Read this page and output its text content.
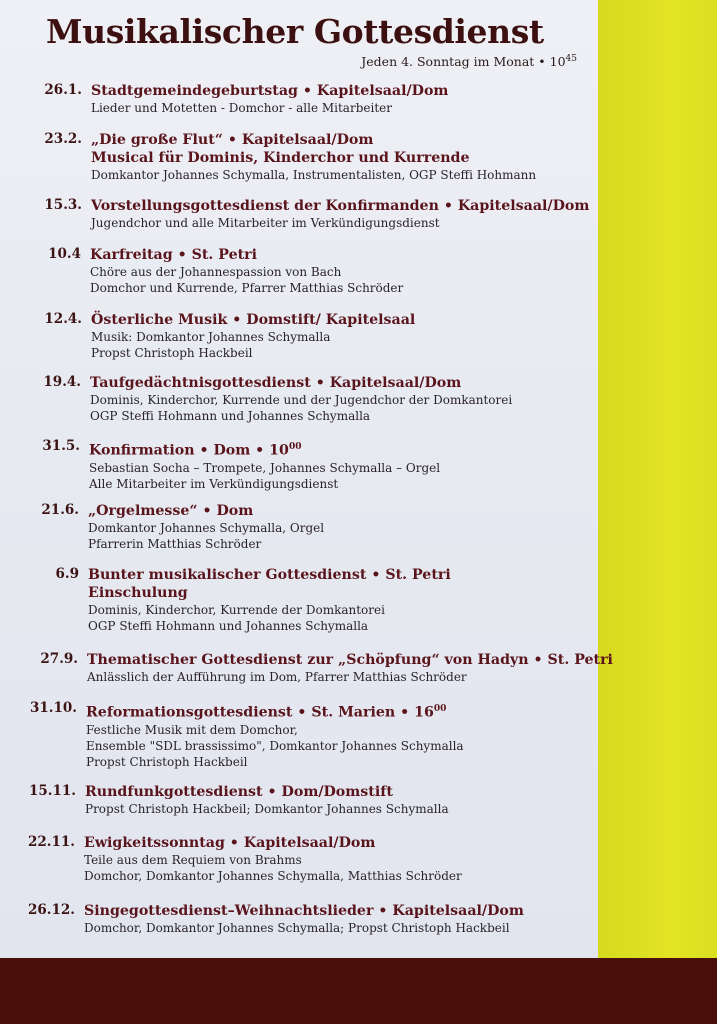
Musikalischer Gottesdienst

Jeden 4. Sonntag im Monat • $10^{45}$

26.1. Stadtgemeindegeburtstag • Kapitelsaal/Dom
Lieder und Motetten - Domchor - alle Mitarbeiter
23.2. „Die große Flut“ • Kapitelsaal/Dom
Musical für Dominis, Kinderchor und Kurrende
Domkantor Johannes Schymalla, Instrumentalisten, OGP Steffi Hohmann
15.3. Vorstellungsgottesdienst der Konfirmanden • Kapitelsaal/Dom
Jugendchor und alle Mitarbeiter im Verkündigungsdienst
10.4 Karfreitag • St. Petri
Chöre aus der Johannespassion von Bach
Domchor und Kurrende, Pfarrer Matthias Schröder
12.4. Österliche Musik • Domstift/ Kapitelsaal
Musik: Domkantor Johannes Schymalla
Propst Christoph Hackbeil
19.4. Taufgedächtnisgottesdienst • Kapitelsaal/Dom
Dominis, Kinderchor, Kurrende und der Jugendchor der Domkantorei
OGP Steffi Hohmann und Johannes Schymalla
31.5. Konfirmation • Dom • $10^{00}$
Sebastian Socha – Trompete, Johannes Schymalla – Orgel
Alle Mitarbeiter im Verkündigungsdienst
21.6. „Orgelmesse“ • Dom
Domkantor Johannes Schymalla, Orgel
Pfarrerin Matthias Schröder
6.9 Bunter musikalischer Gottesdienst • St. Petri
Einschulung
Dominis, Kinderchor, Kurrende der Domkantorei
OGP Steffi Hohmann und Johannes Schymalla
27.9. Thematischer Gottesdienst zur „Schöpfung“ von Hadyn • St. Petri
Anlässlich der Aufführung im Dom, Pfarrer Matthias Schröder
31.10. Reformationsgottesdienst • St. Marien • $16^{00}$
Festliche Musik mit dem Domchor,
Ensemble "SDL brassissimo", Domkantor Johannes Schymalla
Propst Christoph Hackbeil
15.11. Rundfunkgottesdienst • Dom/Domstift
Propst Christoph Hackbeil; Domkantor Johannes Schymalla
22.11. Ewigkeitssonntag • Kapitelsaal/Dom
Teile aus dem Requiem von Brahms
Domchor, Domkantor Johannes Schymalla, Matthias Schröder
26.12. Singegottesdienst–Weihnachtslieder • Kapitelsaal/Dom
Domchor, Domkantor Johannes Schymalla; Propst Christoph Hackbeil
